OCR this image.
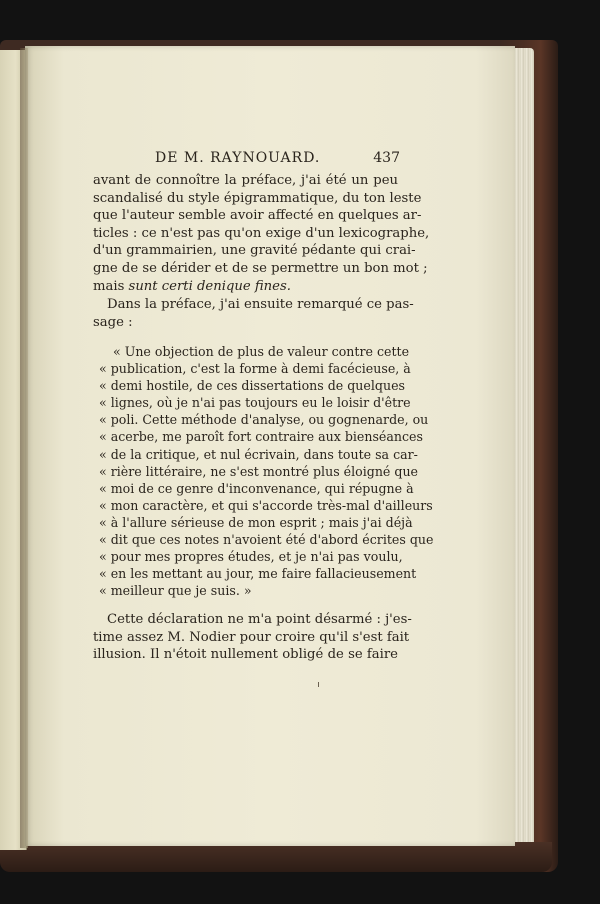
DE M. RAYNOUARD.	437
avant de connoître la préface, j'ai été un peu
scandalisé du style épigrammatique, du ton leste
que l'auteur semble avoir affecté en quelques ar-
ticles : ce n'est pas qu'on exige d'un lexicographe,
d'un grammairien, une gravité pédante qui crai-
gne de se dérider et de se permettre un bon mot ;
mais sunt certi denique fines.
Dans la préface, j'ai ensuite remarqué ce pas-
sage :
« Une objection de plus de valeur contre cette
« publication, c'est la forme à demi facécieuse, à
« demi hostile, de ces dissertations de quelques
« lignes, où je n'ai pas toujours eu le loisir d'être
« poli. Cette méthode d'analyse, ou gognenarde, ou
« acerbe, me paroît fort contraire aux bienséances
« de la critique, et nul écrivain, dans toute sa car-
« rière littéraire, ne s'est montré plus éloigné que
« moi de ce genre d'inconvenance, qui répugne à
« mon caractère, et qui s'accorde très-mal d'ailleurs
« à l'allure sérieuse de mon esprit ; mais j'ai déjà
« dit que ces notes n'avoient été d'abord écrites que
« pour mes propres études, et je n'ai pas voulu,
« en les mettant au jour, me faire fallacieusement
« meilleur que je suis. »
Cette déclaration ne m'a point désarmé : j'es-
time assez M. Nodier pour croire qu'il s'est fait
illusion. Il n'étoit nullement obligé de se faire
